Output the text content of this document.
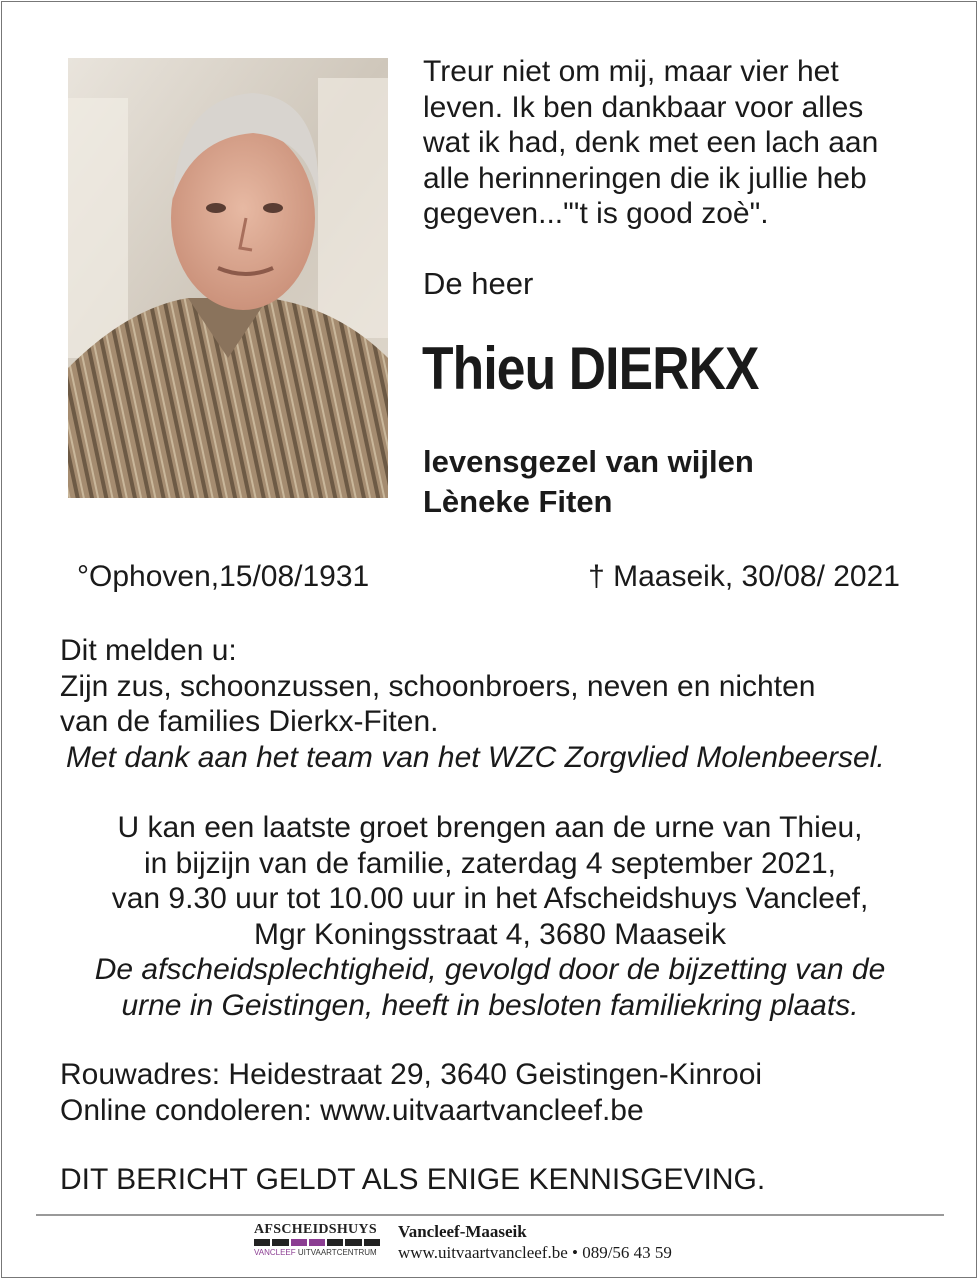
Treur niet om mij, maar vier het
leven. Ik ben dankbaar voor alles
wat ik had, denk met een lach aan
alle herinneringen die ik jullie heb
gegeven..."'t is good zoè".

De heer

Thieu DIERKX

levensgezel van wijlen
Lèneke Fiten

°Ophoven,15/08/1931	† Maaseik, 30/08/ 2021

Dit melden u:
Zijn zus, schoonzussen, schoonbroers, neven en nichten
van de families Dierkx-Fiten.
Met dank aan het team van het WZC Zorgvlied Molenbeersel.

U kan een laatste groet brengen aan de urne van Thieu,
in bijzijn van de familie, zaterdag 4 september 2021,
van 9.30 uur tot 10.00 uur in het Afscheidshuys Vancleef,
Mgr Koningsstraat 4, 3680 Maaseik
De afscheidsplechtigheid, gevolgd door de bijzetting van de
urne in Geistingen, heeft in besloten familiekring plaats.

Rouwadres: Heidestraat 29, 3640 Geistingen-Kinrooi
Online condoleren: www.uitvaartvancleef.be

DIT BERICHT GELDT ALS ENIGE KENNISGEVING.

AFSCHEIDSHUYS
VANCLEEF UITVAARTCENTRUM
Vancleef-Maaseik
www.uitvaartvancleef.be • 089/56 43 59
